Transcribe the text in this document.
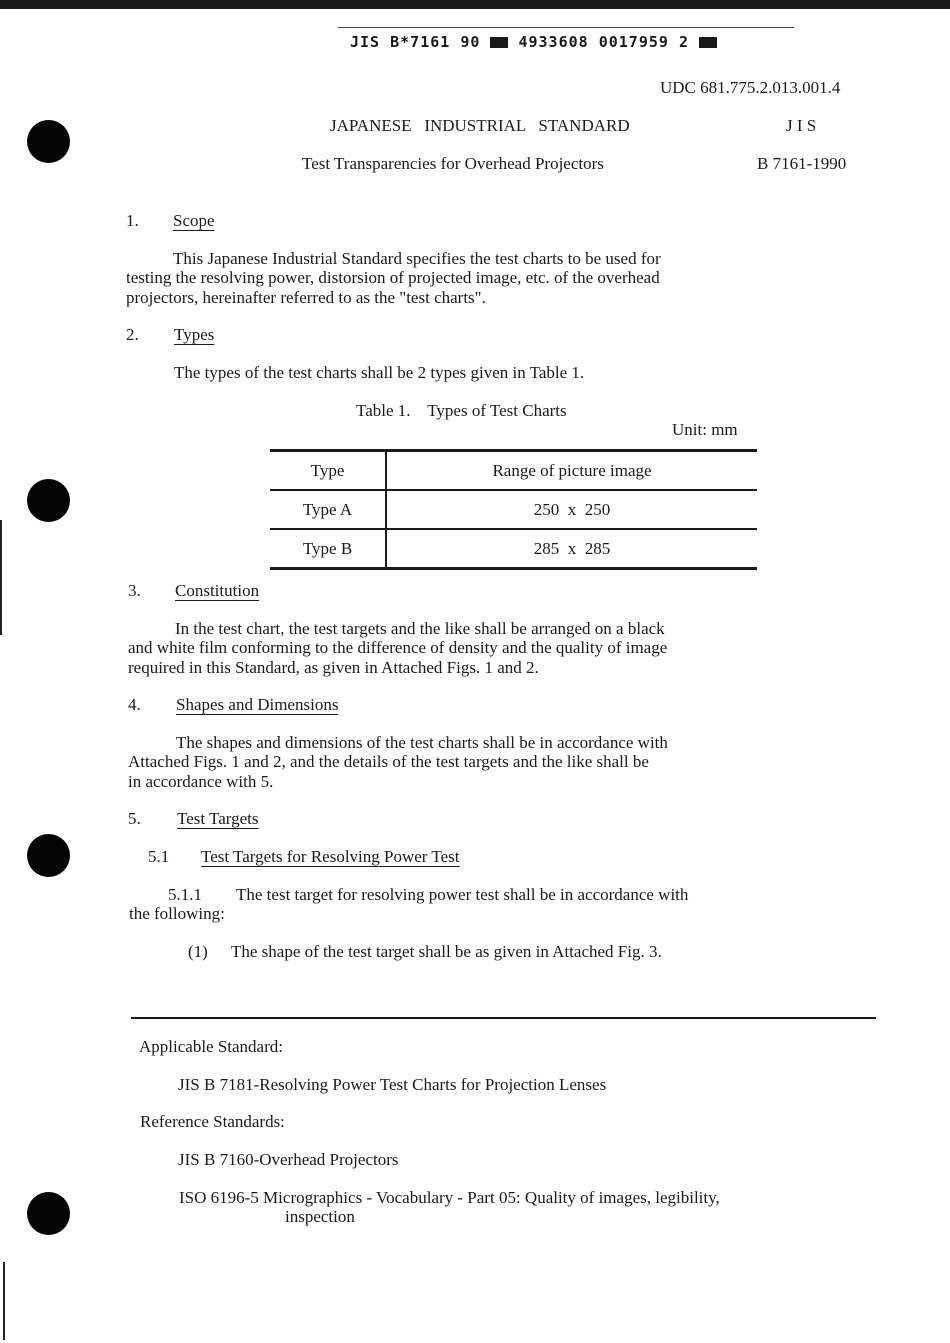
JIS B*7161 90	4933608 0017959 2
UDC 681.775.2.013.001.4
JAPANESE   INDUSTRIAL   STANDARD	J I S
Test Transparencies for Overhead Projectors	B 7161-1990
1. Scope
This Japanese Industrial Standard specifies the test charts to be used for
testing the resolving power, distorsion of projected image, etc. of the overhead
projectors, hereinafter referred to as the "test charts".
2. Types
The types of the test charts shall be 2 types given in Table 1.
Table 1.    Types of Test Charts
Unit: mm
Type	Range of picture image
Type A	250  x  250
Type B	285  x  285
3. Constitution
In the test chart, the test targets and the like shall be arranged on a black
and white film conforming to the difference of density and the quality of image
required in this Standard, as given in Attached Figs. 1 and 2.
4. Shapes and Dimensions
The shapes and dimensions of the test charts shall be in accordance with
Attached Figs. 1 and 2, and the details of the test targets and the like shall be
in accordance with 5.
5. Test Targets
5.1 Test Targets for Resolving Power Test
5.1.1 The test target for resolving power test shall be in accordance with
the following:
(1) The shape of the test target shall be as given in Attached Fig. 3.
Applicable Standard:
JIS B 7181-Resolving Power Test Charts for Projection Lenses
Reference Standards:
JIS B 7160-Overhead Projectors
ISO 6196-5 Micrographics - Vocabulary - Part 05: Quality of images, legibility,
inspection
